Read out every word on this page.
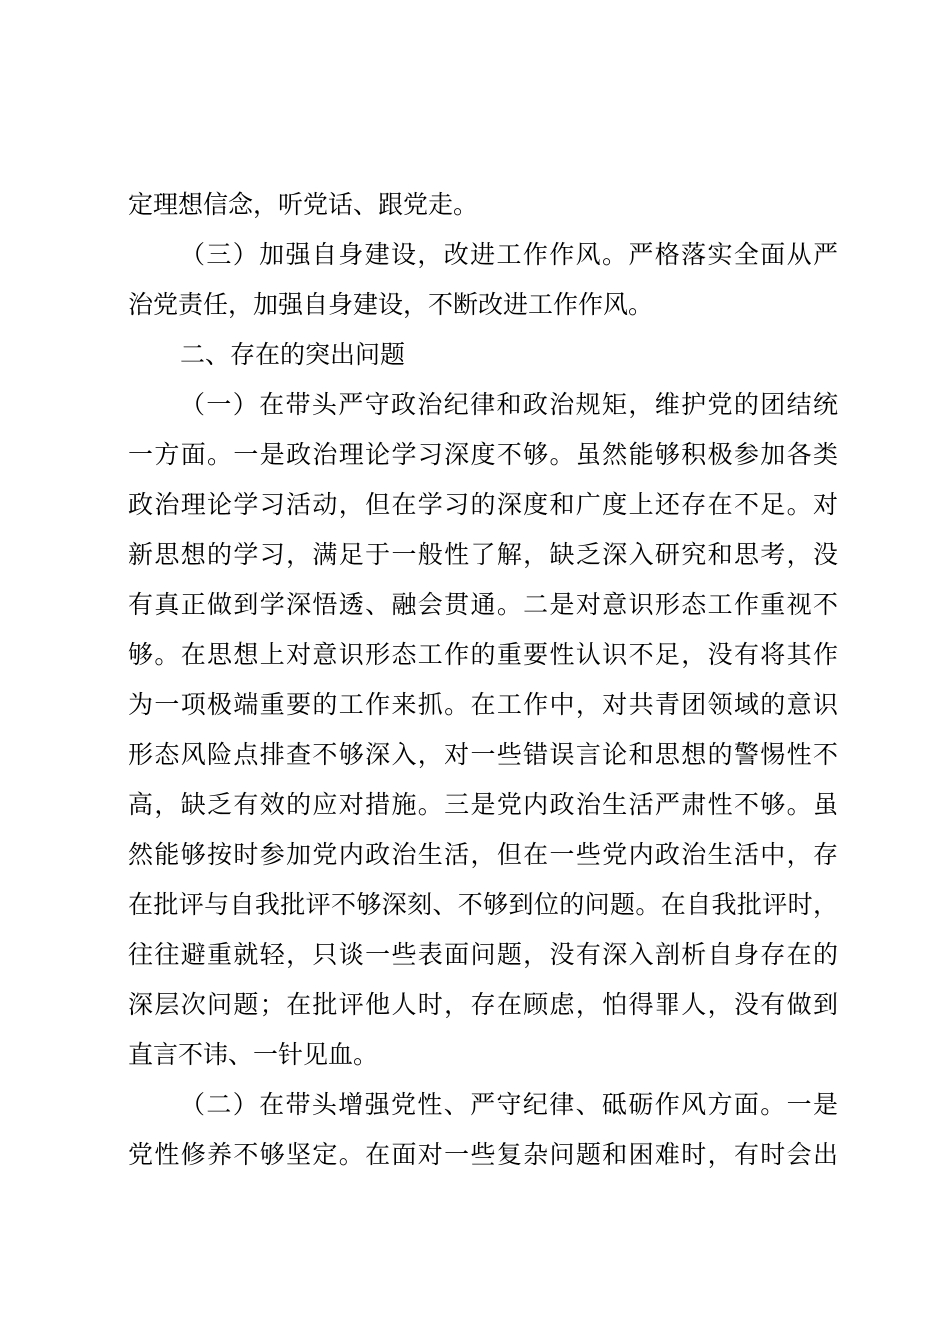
定理想信念，听党话、跟党走。
（三）加强自身建设，改进工作作风。严格落实全面从严
治党责任，加强自身建设，不断改进工作作风。
二、存在的突出问题
（一）在带头严守政治纪律和政治规矩，维护党的团结统
一方面。一是政治理论学习深度不够。虽然能够积极参加各类
政治理论学习活动，但在学习的深度和广度上还存在不足。对
新思想的学习，满足于一般性了解，缺乏深入研究和思考，没
有真正做到学深悟透、融会贯通。二是对意识形态工作重视不
够。在思想上对意识形态工作的重要性认识不足，没有将其作
为一项极端重要的工作来抓。在工作中，对共青团领域的意识
形态风险点排查不够深入，对一些错误言论和思想的警惕性不
高，缺乏有效的应对措施。三是党内政治生活严肃性不够。虽
然能够按时参加党内政治生活，但在一些党内政治生活中，存
在批评与自我批评不够深刻、不够到位的问题。在自我批评时，
往往避重就轻，只谈一些表面问题，没有深入剖析自身存在的
深层次问题；在批评他人时，存在顾虑，怕得罪人，没有做到
直言不讳、一针见血。
（二）在带头增强党性、严守纪律、砥砺作风方面。一是
党性修养不够坚定。在面对一些复杂问题和困难时，有时会出
